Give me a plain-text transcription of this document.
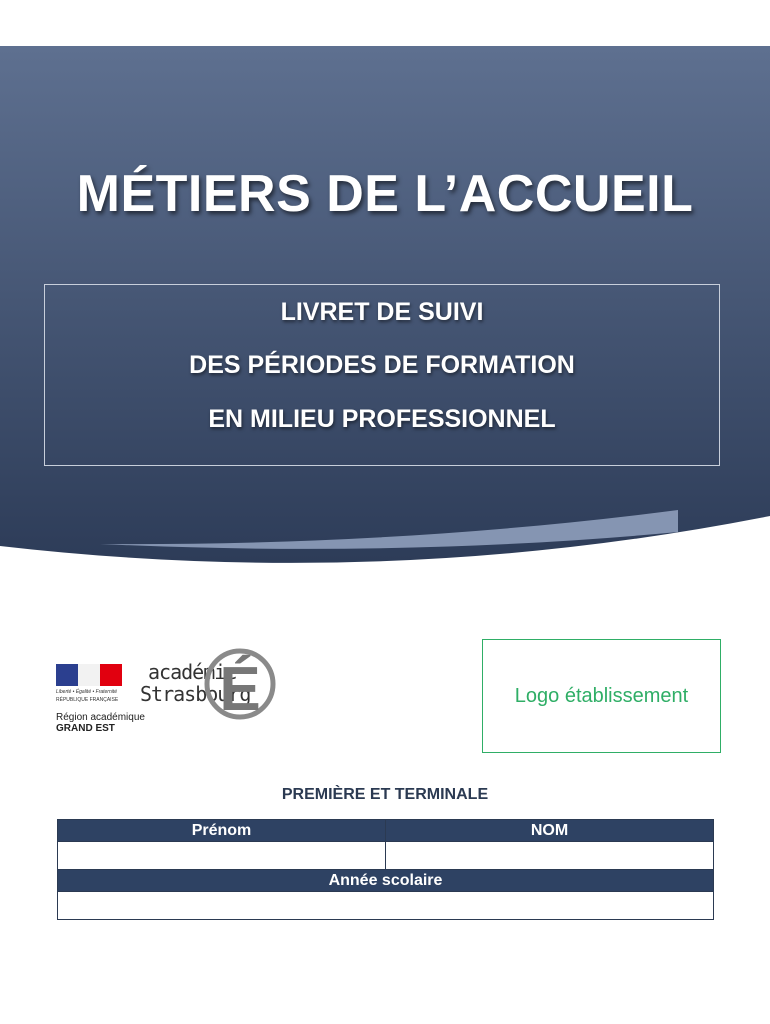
MÉTIERS DE L’ACCUEIL
LIVRET DE SUIVI
DES PÉRIODES DE FORMATION
EN MILIEU PROFESSIONNEL
Liberté • Égalité • Fraternité
RÉPUBLIQUE FRANÇAISE
Région académique
GRAND EST
académie
Strasbourg
É	Logo établissement
PREMIÈRE ET TERMINALE
Prénom	NOM

Année scolaire	
